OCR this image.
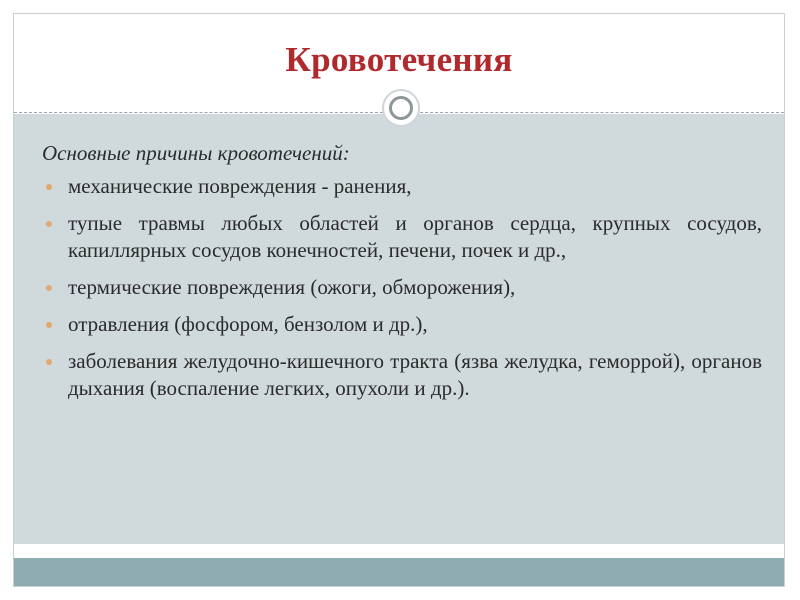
Кровотечения
Основные причины кровотечений:
механические повреждения - ранения,
тупые травмы любых областей и органов сердца, крупных сосудов, капиллярных сосудов конечностей, печени, почек и др.,
термические повреждения (ожоги, обморожения),
отравления (фосфором, бензолом и др.),
заболевания желудочно-кишечного тракта (язва желудка, геморрой), органов дыхания (воспаление легких, опухоли и др.).
